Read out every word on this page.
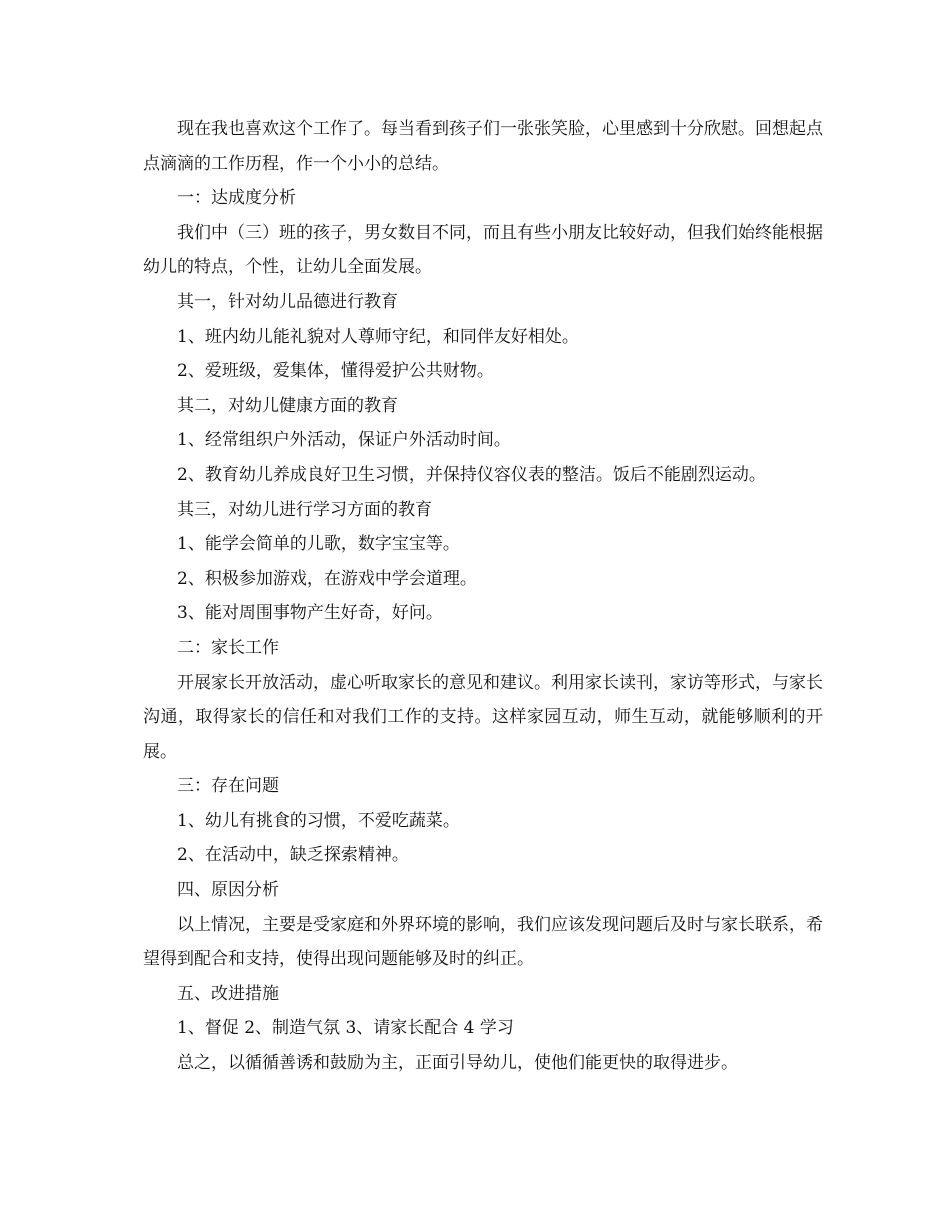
现在我也喜欢这个工作了。每当看到孩子们一张张笑脸，心里感到十分欣慰。回想起点点滴滴的工作历程，作一个小小的总结。

一：达成度分析

我们中（三）班的孩子，男女数目不同，而且有些小朋友比较好动，但我们始终能根据幼儿的特点，个性，让幼儿全面发展。

其一，针对幼儿品德进行教育

1、班内幼儿能礼貌对人尊师守纪，和同伴友好相处。

2、爱班级，爱集体，懂得爱护公共财物。

其二，对幼儿健康方面的教育

1、经常组织户外活动，保证户外活动时间。

2、教育幼儿养成良好卫生习惯，并保持仪容仪表的整洁。饭后不能剧烈运动。

其三，对幼儿进行学习方面的教育

1、能学会简单的儿歌，数字宝宝等。

2、积极参加游戏，在游戏中学会道理。

3、能对周围事物产生好奇，好问。

二：家长工作

开展家长开放活动，虚心听取家长的意见和建议。利用家长读刊，家访等形式，与家长沟通，取得家长的信任和对我们工作的支持。这样家园互动，师生互动，就能够顺利的开展。

三：存在问题

1、幼儿有挑食的习惯，不爱吃蔬菜。

2、在活动中，缺乏探索精神。

四、原因分析

以上情况，主要是受家庭和外界环境的影响，我们应该发现问题后及时与家长联系，希望得到配合和支持，使得出现问题能够及时的纠正。

五、改进措施

1、督促 2、制造气氛 3、请家长配合 4 学习

总之，以循循善诱和鼓励为主，正面引导幼儿，使他们能更快的取得进步。
